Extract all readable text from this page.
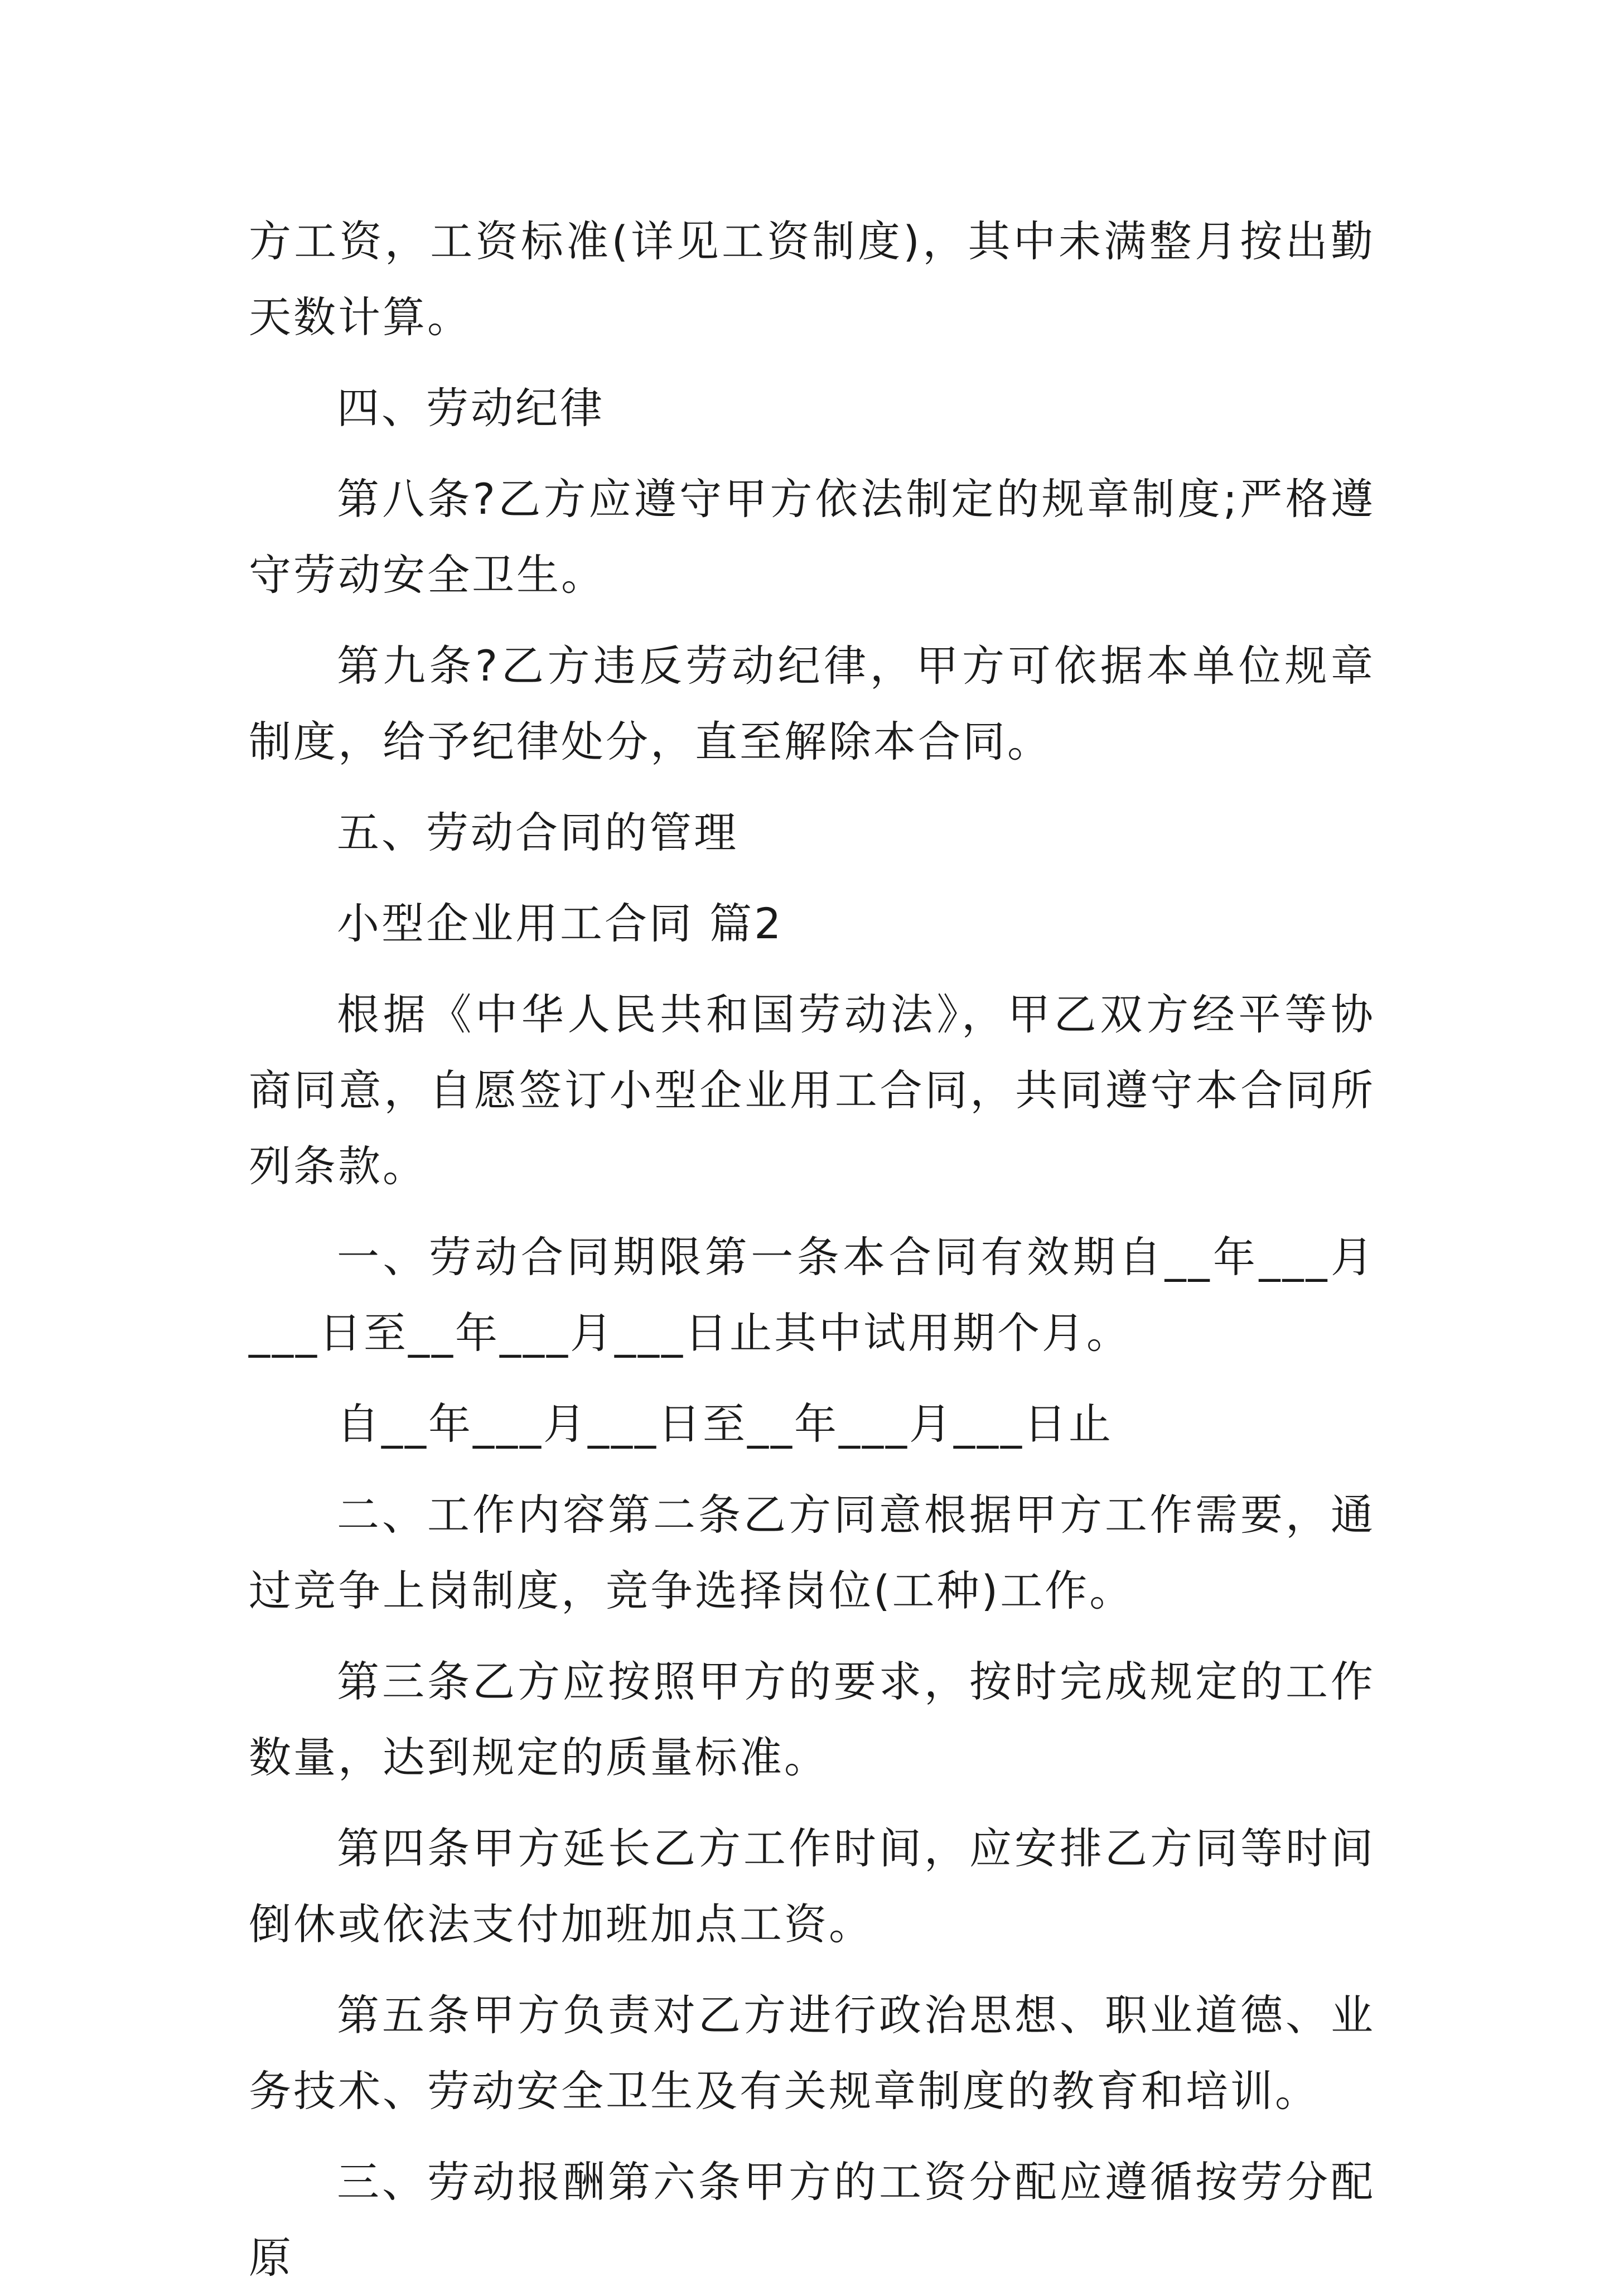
方工资，工资标准(详见工资制度)，其中未满整月按出勤天数计算。

四、劳动纪律

第八条?乙方应遵守甲方依法制定的规章制度;严格遵守劳动安全卫生。

第九条?乙方违反劳动纪律，甲方可依据本单位规章制度，给予纪律处分，直至解除本合同。

五、劳动合同的管理

小型企业用工合同 篇2

根据《中华人民共和国劳动法》，甲乙双方经平等协商同意，自愿签订小型企业用工合同，共同遵守本合同所列条款。

一、劳动合同期限第一条本合同有效期自__年___月___日至__年___月___日止其中试用期个月。

自__年___月___日至__年___月___日止

二、工作内容第二条乙方同意根据甲方工作需要，通过竞争上岗制度，竞争选择岗位(工种)工作。

第三条乙方应按照甲方的要求，按时完成规定的工作数量，达到规定的质量标准。

第四条甲方延长乙方工作时间，应安排乙方同等时间倒休或依法支付加班加点工资。

第五条甲方负责对乙方进行政治思想、职业道德、业务技术、劳动安全卫生及有关规章制度的教育和培训。

三、劳动报酬第六条甲方的工资分配应遵循按劳分配原
